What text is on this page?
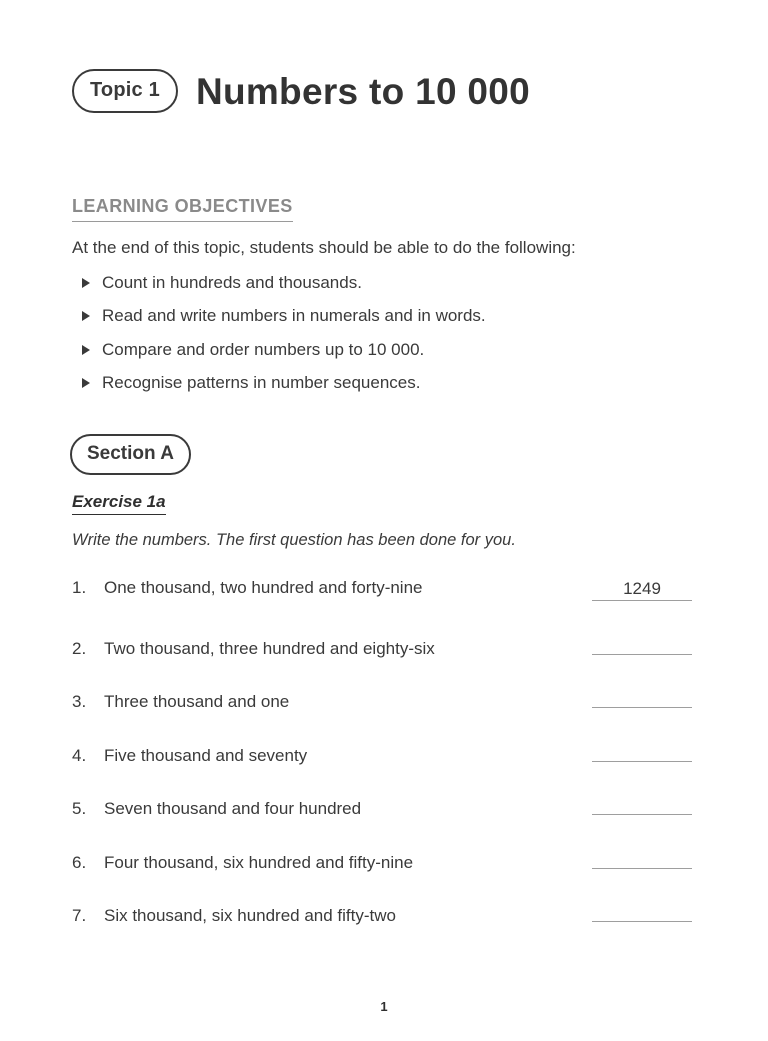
Topic 1 Numbers to 10 000
LEARNING OBJECTIVES
At the end of this topic, students should be able to do the following:
Count in hundreds and thousands.
Read and write numbers in numerals and in words.
Compare and order numbers up to 10 000.
Recognise patterns in number sequences.
Section A
Exercise 1a
Write the numbers. The first question has been done for you.
1.	One thousand, two hundred and forty-nine	1249
2.	Two thousand, three hundred and eighty-six
3.	Three thousand and one
4.	Five thousand and seventy
5.	Seven thousand and four hundred
6.	Four thousand, six hundred and fifty-nine
7.	Six thousand, six hundred and fifty-two
1
